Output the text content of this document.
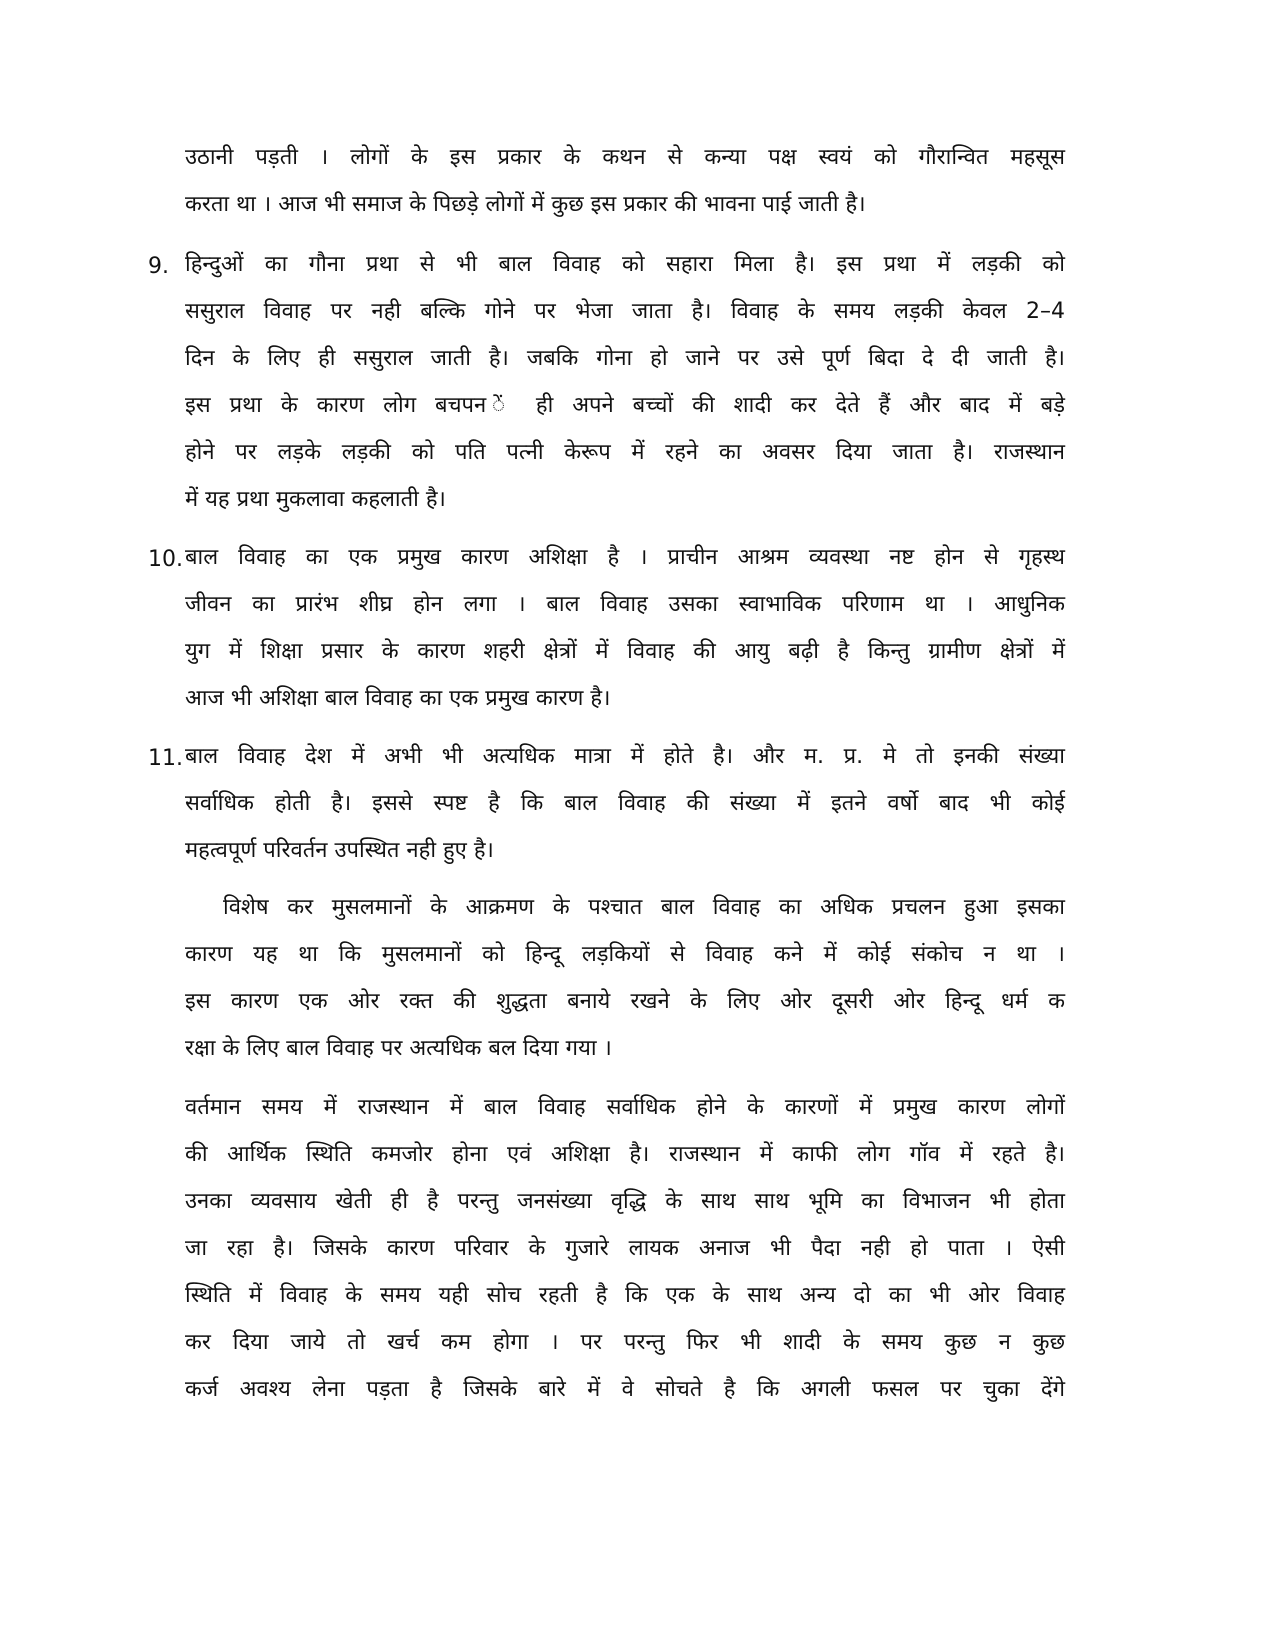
उठानी पड़ती । लोगों के इस प्रकार के कथन से कन्या पक्ष स्वयं को गौरान्वित महसूस
करता था । आज भी समाज के पिछड़े लोगों में कुछ इस प्रकार की भावना पाई जाती है।
9. हिन्दुओं का गौना प्रथा से भी बाल विवाह को सहारा मिला है। इस प्रथा में लड़की को
ससुराल विवाह पर नही बल्कि गोने पर भेजा जाता है। विवाह के समय लड़की केवल 2–4
दिन के लिए ही ससुराल जाती है। जबकि गोना हो जाने पर उसे पूर्ण बिदा दे दी जाती है।
इस प्रथा के कारण लोग बचपन ें ही अपने बच्चों की शादी कर देते हैं और बाद में बड़े
होने पर लड़के लड़की को पति पत्नी केरूप में रहने का अवसर दिया जाता है। राजस्थान
में यह प्रथा मुकलावा कहलाती है।
10. बाल विवाह का एक प्रमुख कारण अशिक्षा है । प्राचीन आश्रम व्यवस्था नष्ट होन से गृहस्थ
जीवन का प्रारंभ शीघ्र होन लगा । बाल विवाह उसका स्वाभाविक परिणाम था । आधुनिक
युग में शिक्षा प्रसार के कारण शहरी क्षेत्रों में विवाह की आयु बढ़ी है किन्तु ग्रामीण क्षेत्रों में
आज भी अशिक्षा बाल विवाह का एक प्रमुख कारण है।
11. बाल विवाह देश में अभी भी अत्यधिक मात्रा में होते है। और म. प्र. मे तो इनकी संख्या
सर्वाधिक होती है। इससे स्पष्ट है कि बाल विवाह की संख्या में इतने वर्षो बाद भी कोई
महत्वपूर्ण परिवर्तन उपस्थित नही हुए है।
विशेष कर मुसलमानों के आक्रमण के पश्चात बाल विवाह का अधिक प्रचलन हुआ इसका
कारण यह था कि मुसलमानों को हिन्दू लड़कियों से विवाह कने में कोई संकोच न था ।
इस कारण एक ओर रक्त की शुद्धता बनाये रखने के लिए ओर दूसरी ओर हिन्दू धर्म क
रक्षा के लिए बाल विवाह पर अत्यधिक बल दिया गया ।
वर्तमान समय में राजस्थान में बाल विवाह सर्वाधिक होने के कारणों में प्रमुख कारण लोगों
की आर्थिक स्थिति कमजोर होना एवं अशिक्षा है। राजस्थान में काफी लोग गॉव में रहते है।
उनका व्यवसाय खेती ही है परन्तु जनसंख्या वृद्धि के साथ साथ भूमि का विभाजन भी होता
जा रहा है। जिसके कारण परिवार के गुजारे लायक अनाज भी पैदा नही हो पाता । ऐसी
स्थिति में विवाह के समय यही सोच रहती है कि एक के साथ अन्य दो का भी ओर विवाह
कर दिया जाये तो खर्च कम होगा । पर परन्तु फिर भी शादी के समय कुछ न कुछ
कर्ज अवश्य लेना पड़ता है जिसके बारे में वे सोचते है कि अगली फसल पर चुका देंगे
